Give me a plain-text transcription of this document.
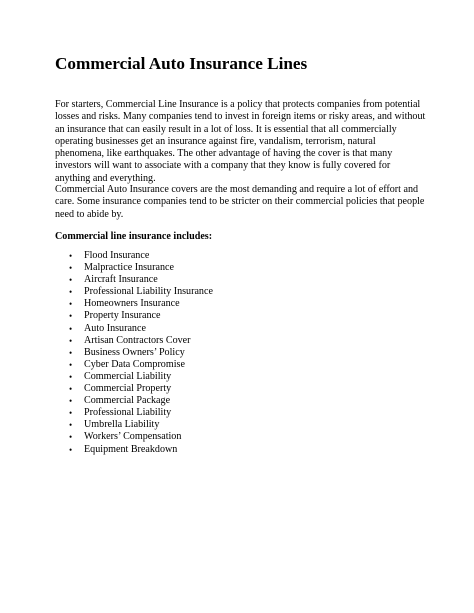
Commercial Auto Insurance Lines

For starters, Commercial Line Insurance is a policy that protects companies from potential losses and risks. Many companies tend to invest in foreign items or risky areas, and without an insurance that can easily result in a lot of loss. It is essential that all commercially operating businesses get an insurance against fire, vandalism, terrorism, natural phenomena, like earthquakes. The other advantage of having the cover is that many investors will want to associate with a company that they know is fully covered for anything and everything.

Commercial Auto Insurance covers are the most demanding and require a lot of effort and care. Some insurance companies tend to be stricter on their commercial policies that people need to abide by.

Commercial line insurance includes:

• Flood Insurance
• Malpractice Insurance
• Aircraft Insurance
• Professional Liability Insurance
• Homeowners Insurance
• Property Insurance
• Auto Insurance
• Artisan Contractors Cover
• Business Owners’ Policy
• Cyber Data Compromise
• Commercial Liability
• Commercial Property
• Commercial Package
• Professional Liability
• Umbrella Liability
• Workers’ Compensation
• Equipment Breakdown
